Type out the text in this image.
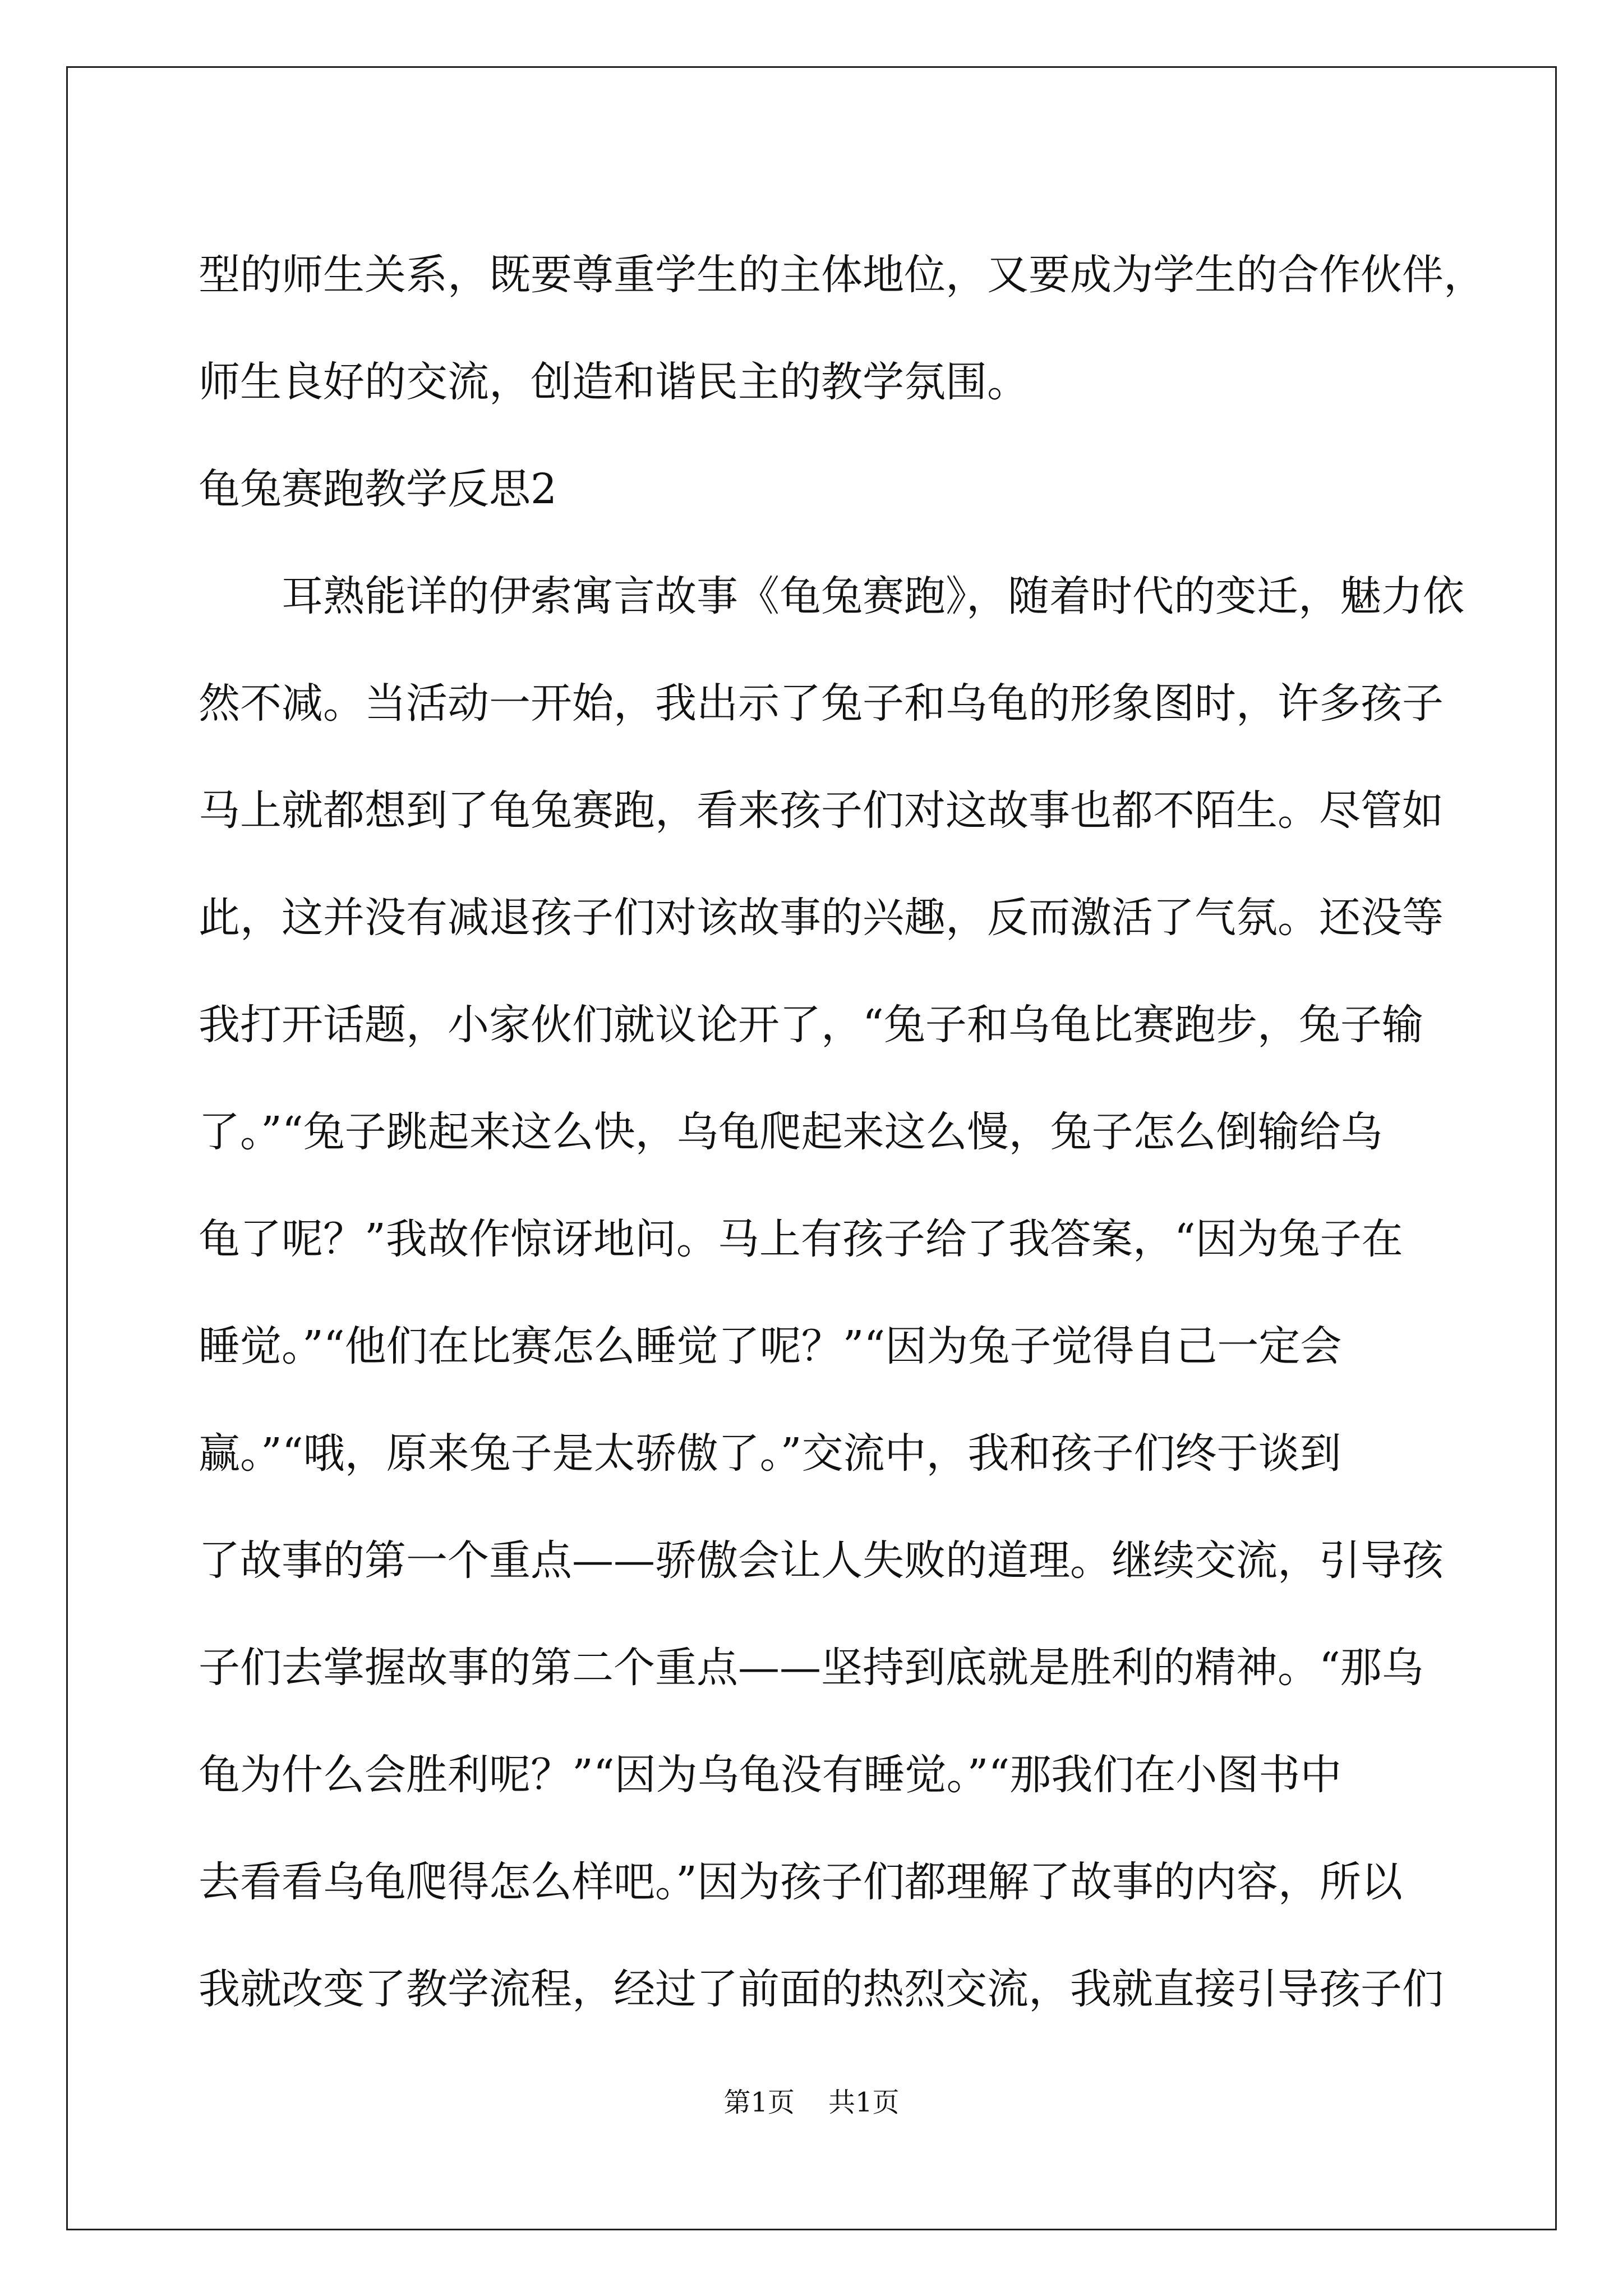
型的师生关系，既要尊重学生的主体地位，又要成为学生的合作伙伴，
师生良好的交流，创造和谐民主的教学氛围。
龟兔赛跑教学反思2
　　耳熟能详的伊索寓言故事《龟兔赛跑》，随着时代的变迁，魅力依
然不减。当活动一开始，我出示了兔子和乌龟的形象图时，许多孩子
马上就都想到了龟兔赛跑，看来孩子们对这故事也都不陌生。尽管如
此，这并没有减退孩子们对该故事的兴趣，反而激活了气氛。还没等
我打开话题，小家伙们就议论开了，“兔子和乌龟比赛跑步，兔子输
了。”“兔子跳起来这么快，乌龟爬起来这么慢，兔子怎么倒输给乌
龟了呢？”我故作惊讶地问。马上有孩子给了我答案，“因为兔子在
睡觉。”“他们在比赛怎么睡觉了呢？”“因为兔子觉得自己一定会
赢。”“哦，原来兔子是太骄傲了。”交流中，我和孩子们终于谈到
了故事的第一个重点——骄傲会让人失败的道理。继续交流，引导孩
子们去掌握故事的第二个重点——坚持到底就是胜利的精神。“那乌
龟为什么会胜利呢？”“因为乌龟没有睡觉。”“那我们在小图书中
去看看乌龟爬得怎么样吧。”因为孩子们都理解了故事的内容，所以
我就改变了教学流程，经过了前面的热烈交流，我就直接引导孩子们
第1页 共1页
